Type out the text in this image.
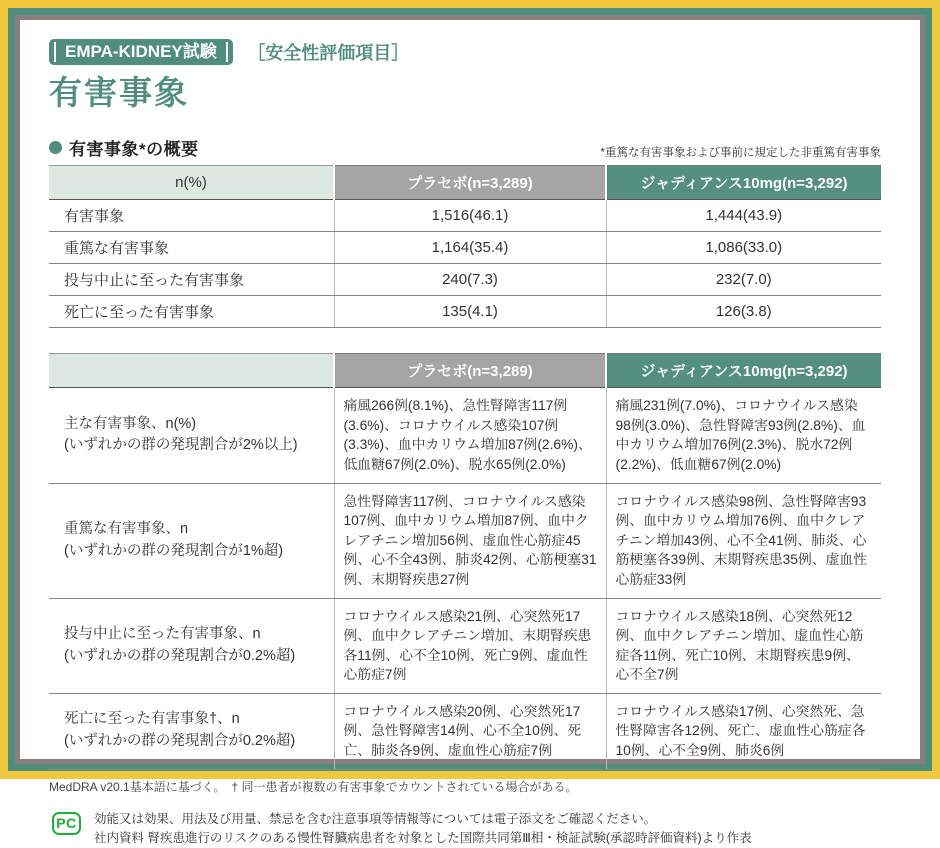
EMPA-KIDNEY試験 ［安全性評価項目］
有害事象
有害事象*の概要	*重篤な有害事象および事前に規定した非重篤有害事象
n(%)	プラセボ(n=3,289)	ジャディアンス10mg(n=3,292)
有害事象	1,516(46.1)	1,444(43.9)
重篤な有害事象	1,164(35.4)	1,086(33.0)
投与中止に至った有害事象	240(7.3)	232(7.0)
死亡に至った有害事象	135(4.1)	126(3.8)
	プラセボ(n=3,289)	ジャディアンス10mg(n=3,292)

主な有害事象、n(%)
(いずれかの群の発現割合が2%以上)	痛風266例(8.1%)、急性腎障害117例(3.6%)、コロナウイルス感染107例(3.3%)、血中カリウム増加87例(2.6%)、低血糖67例(2.0%)、脱水65例(2.0%)	痛風231例(7.0%)、コロナウイルス感染98例(3.0%)、急性腎障害93例(2.8%)、血中カリウム増加76例(2.3%)、脱水72例(2.2%)、低血糖67例(2.0%)

重篤な有害事象、n
(いずれかの群の発現割合が1%超)	急性腎障害117例、コロナウイルス感染107例、血中カリウム増加87例、血中クレアチニン増加56例、虚血性心筋症45例、心不全43例、肺炎42例、心筋梗塞31例、末期腎疾患27例	コロナウイルス感染98例、急性腎障害93例、血中カリウム増加76例、血中クレアチニン増加43例、心不全41例、肺炎、心筋梗塞各39例、末期腎疾患35例、虚血性心筋症33例

投与中止に至った有害事象、n
(いずれかの群の発現割合が0.2%超)	コロナウイルス感染21例、心突然死17例、血中クレアチニン増加、末期腎疾患各11例、心不全10例、死亡9例、虚血性心筋症7例	コロナウイルス感染18例、心突然死12例、血中クレアチニン増加、虚血性心筋症各11例、死亡10例、末期腎疾患9例、心不全7例

死亡に至った有害事象†、n
(いずれかの群の発現割合が0.2%超)	コロナウイルス感染20例、心突然死17例、急性腎障害14例、心不全10例、死亡、肺炎各9例、虚血性心筋症7例	コロナウイルス感染17例、心突然死、急性腎障害各12例、死亡、虚血性心筋症各10例、心不全9例、肺炎6例
MedDRA v20.1基本語に基づく。　† 同一患者が複数の有害事象でカウントされている場合がある。
PC	効能又は効果、用法及び用量、禁忌を含む注意事項等情報等については電子添文をご確認ください。
社内資料 腎疾患進行のリスクのある慢性腎臓病患者を対象とした国際共同第Ⅲ相・検証試験(承認時評価資料)より作表
